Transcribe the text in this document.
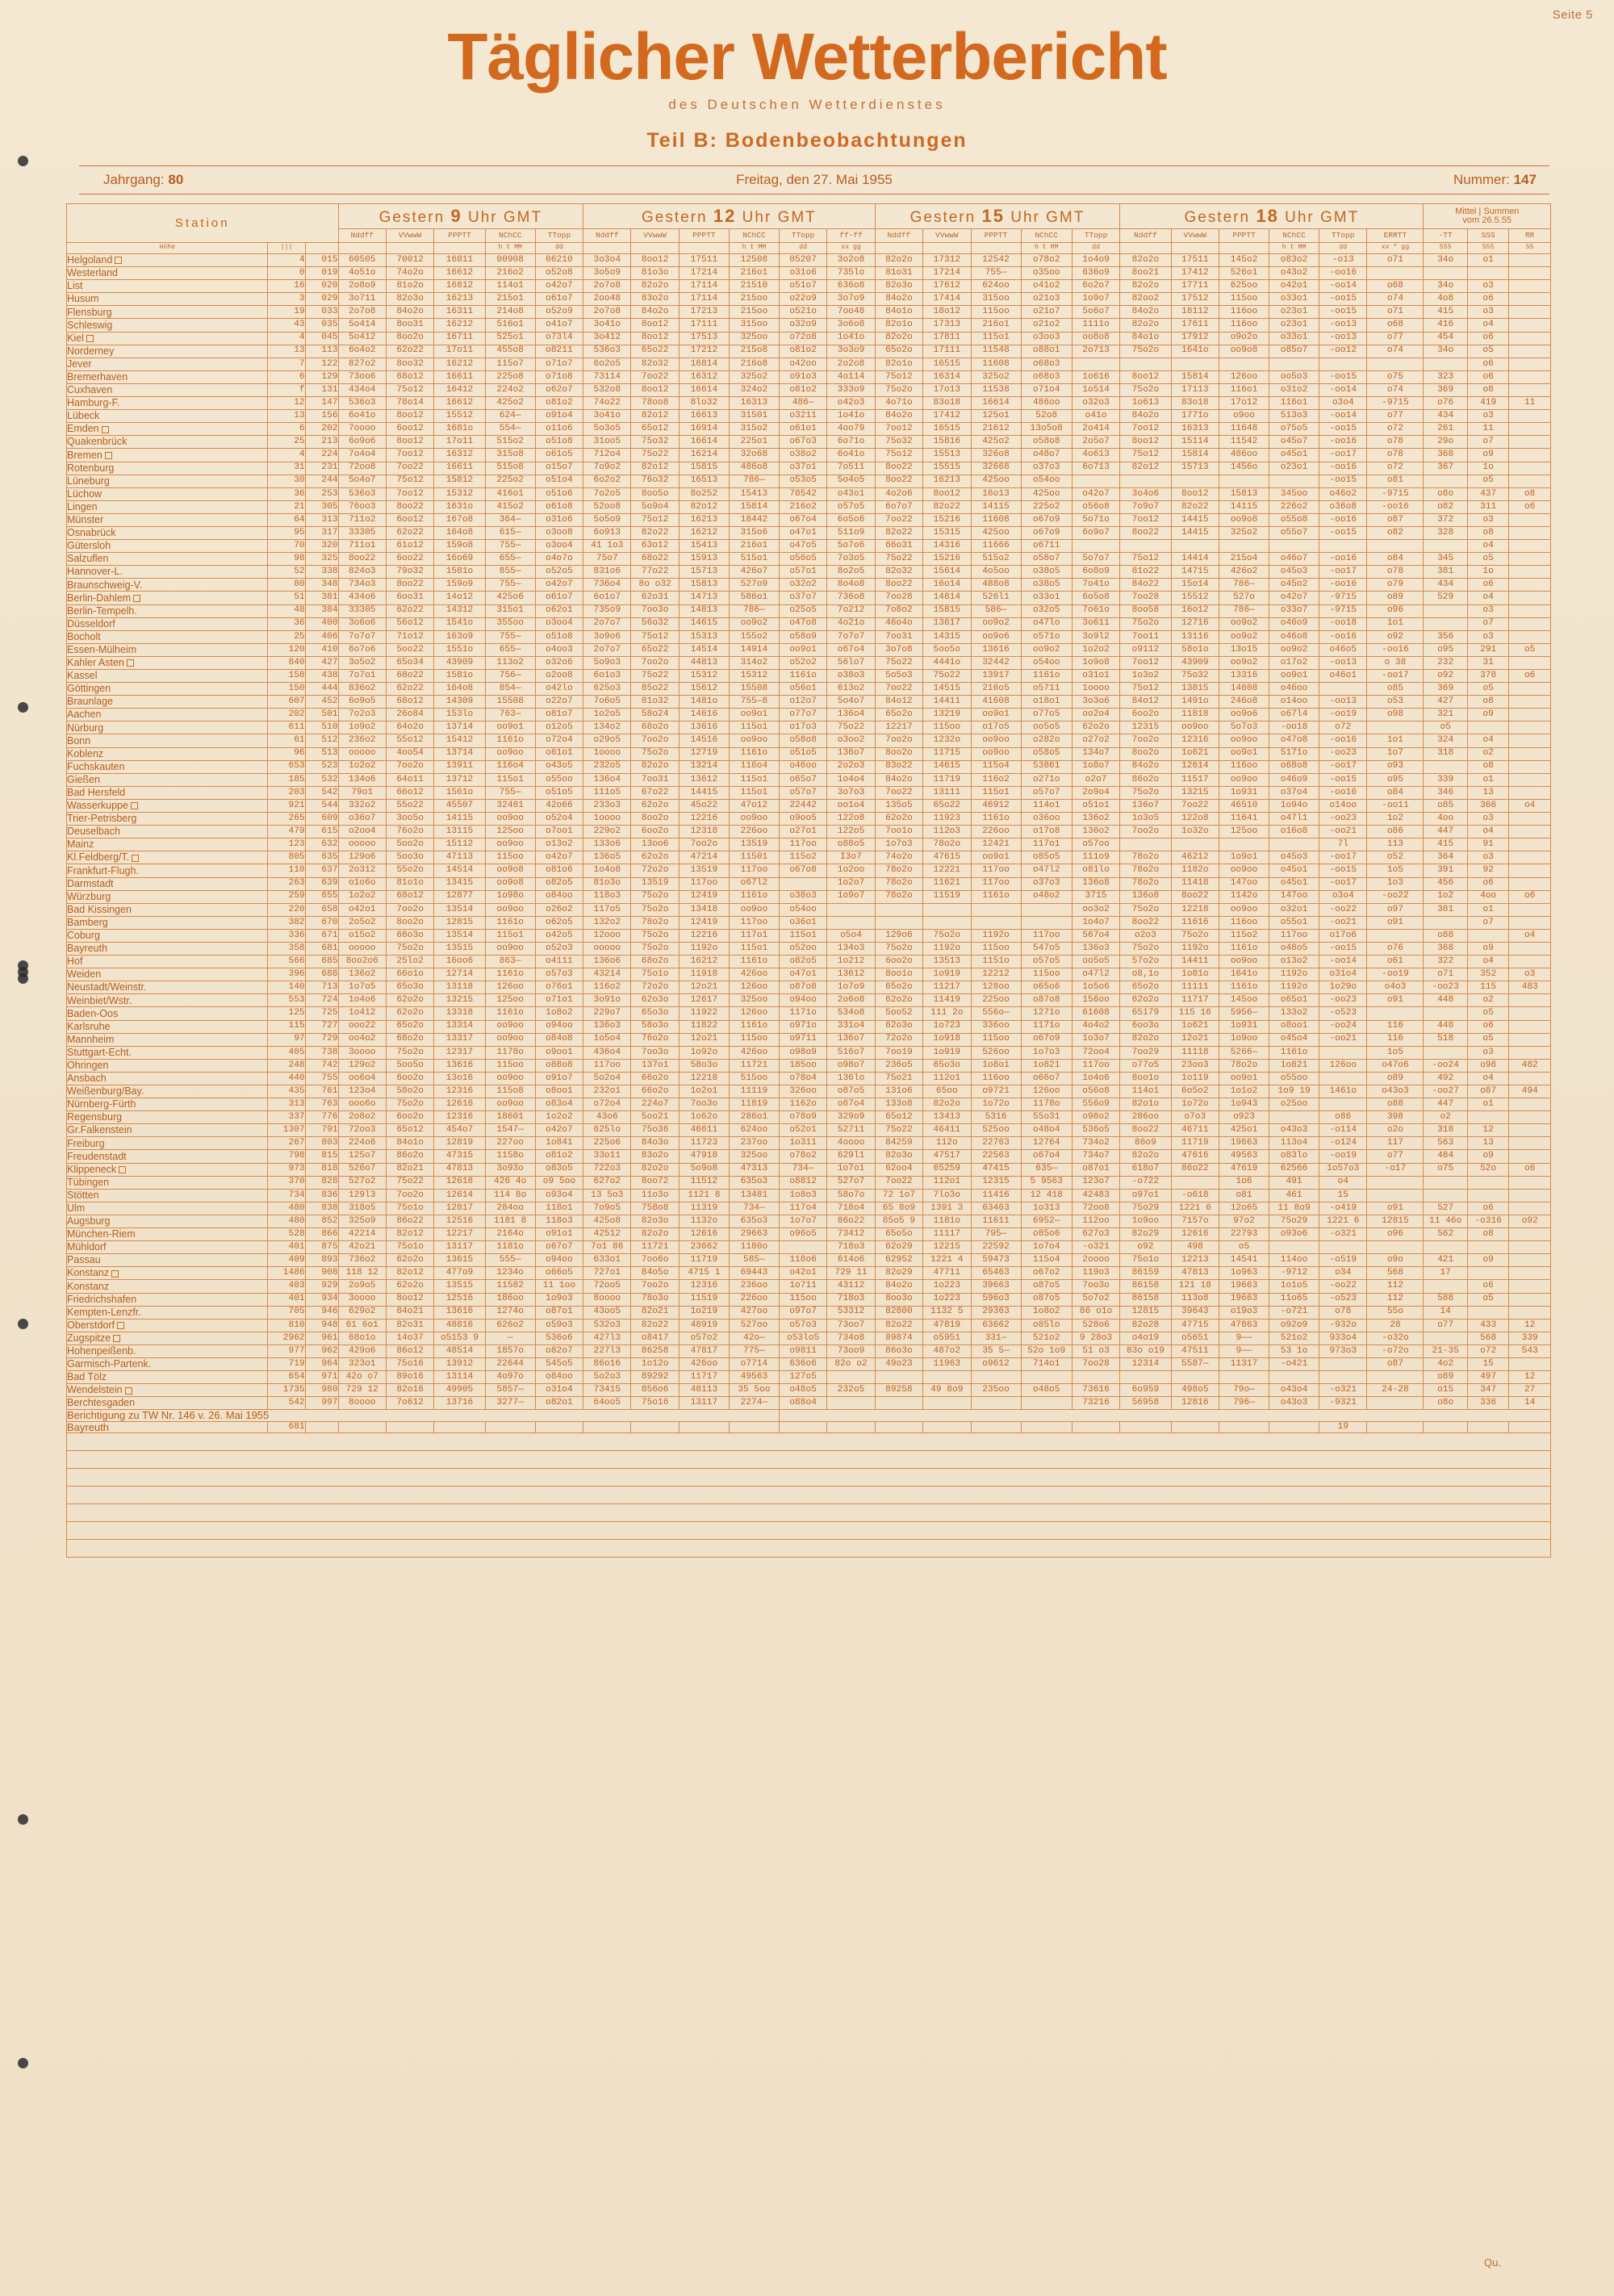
Seite 5
Täglicher Wetterbericht
des Deutschen Wetterdienstes
Teil B: Bodenbeobachtungen
Jahrgang: 80	Freitag, den 27. Mai 1955	Nummer: 147
Station			Gestern 9 Uhr GMT					Gestern 12 Uhr GMT						Gestern 15 Uhr GMT					Gestern 18 Uhr GMT						Mittel | Summen
vom 26.5.55		

			Nddff	VVwwW	PPPTT	NChCC	TTopp	Nddff	VVwwW	PPPTT	NChCC	TTopp	ff-ff	Nddff	VVwwW	PPPTT	NChCC	TTopp	Nddff	VVwwW	PPPTT	NChCC	TTopp	ERRTT	-TT	SSS	RR
Höhe	|||					h t MM	dd				h t MM	dd	xx gg				h t MM	dd				h t MM	dd	xx * gg	555	555	55
Helgoland	4	015	60505	70012	16811	00908	06210	3o3o4	8oo12	17511	12508	05207	3o2o8	82o2o	17312	12542	o78o2	1o4o9	82o2o	17511	145o2	o83o2	-o13	o71	34o	o1	
Westerland	0	019	4o51o	74o2o	16612	216o2	o52o8	3o5o9	81o3o	17214	216o1	o31o6	735lo	81o31	17214	755—	o35oo	636o9	8oo21	17412	526o1	o43o2	-oo16				
List	16	020	2o8o9	81o2o	16812	114o1	o42o7	2o7o8	82o2o	17114	21510	o51o7	636o8	82o3o	17612	624oo	o41o2	6o2o7	82o2o	17711	625oo	o42o1	-oo14	o68	34o	o3	
Husum	3	029	3o711	82o3o	16213	215o1	o61o7	2oo48	83o2o	17114	215oo	o22o9	3o7o9	84o2o	17414	315oo	o21o3	1o9o7	82oo2	17512	115oo	o33o1	-oo15	o74	4o8	o6	
Flensburg	19	033	2o7o8	84o2o	16311	214o8	o52o9	2o7o8	84o2o	17213	215oo	o521o	7oo48	84o1o	18o12	115oo	o21o7	5o6o7	84o2o	18112	116oo	o23o1	-oo15	o71	415	o3	
Schleswig	43	035	5o414	8oo31	16212	516o1	o41o7	3o41o	8oo12	17111	315oo	o32o9	3o6o8	82o1o	17313	216o1	o21o2	1111o	82o2o	17611	116oo	o23o1	-oo13	o68	416	o4	
Kiel	4	045	5o412	8oo2o	16711	525o1	o73l4	3o412	8oo12	17513	325oo	o72o8	1o41o	82o2o	17811	115o1	o3oo3	oo8o8	84o1o	17912	o9o2o	o33o1	-oo13	o77	454	o6	
Norderney	13	113	6o4o2	62o22	17o11	455o8	o8211	536o3	65o22	17212	215o8	o81o2	3o3o9	65o2o	17111	11548	o88o1	2o713	75o2o	1641o	oo9o8	o85o7	-oo12	o74	34o	o5	
Jever	7	122	827o2	8oo32	16212	115o7	o71o7	6o2o5	82o32	16814	216o8	o42oo	2o2o8	82o1o	16515	11608	o68o3									o6	
Bremerhaven	6	129	73oo6	68o12	16611	225o8	o71o8	73114	7oo22	16312	325o2	o91o3	4o114	75o12	16314	325o2	o68o3	1o616	8oo12	15814	126oo	oo5o3	-oo15	o75	323	o6	
Cuxhaven	f	131	434o4	75o12	16412	224o2	o62o7	532o8	8oo12	16614	324o2	o81o2	333o9	75o2o	17o13	11538	o71o4	1o514	75o2o	17113	116o1	o31o2	-oo14	o74	369	o8	
Hamburg-F.	12	147	536o3	78o14	16612	425o2	o81o2	74o22	78oo8	8lo32	16313	486—	o42o3	4o71o	83o18	16614	486oo	o32o3	1o613	83o18	17o12	116o1	o3o4	-9715	o76	419	11
Lübeck	13	156	6o41o	8oo12	15512	624—	o91o4	3o41o	82o12	16613	31501	o3211	1o41o	84o2o	17412	125o1	52o8	o41o	84o2o	1771o	o9oo	513o3	-oo14	o77	434	o3	
Emden	6	202	7oooo	6oo12	1681o	554—	o11o6	5o3o5	65o12	16914	315o2	o61o1	4oo79	7oo12	16515	21612	13o5o8	2o414	7oo12	16313	11648	o75o5	-oo15	o72	261	11	
Quakenbrück	25	213	6o9o6	8oo12	17o11	515o2	o51o8	31oo5	75o32	16614	225o1	o67o3	6o71o	75o32	15816	425o2	o58o8	2o5o7	8oo12	15114	11542	o45o7	-oo16	o78	29o	o7	
Bremen	4	224	7o4o4	7oo12	16312	315o8	o61o5	712o4	75o22	16214	32o68	o38o2	6o41o	75o12	15513	326o8	o48o7	4o613	75o12	15814	486oo	o45o1	-oo17	o78	368	o9	
Rotenburg	31	231	72oo8	7oo22	16611	515o8	o15o7	7o9o2	82o12	15815	486o8	o37o1	7o511	8oo22	15515	32668	o37o3	6o713	82o12	15713	1456o	o23o1	-oo16	o72	367	1o	
Lüneburg	30	244	5o4o7	75o12	15812	225o2	o51o4	6o2o2	76o32	16513	786—	o53o5	5o4o5	8oo22	16213	425oo	o54oo						-oo15	o81		o5	
Lüchow	36	253	536o3	7oo12	15312	416o1	o51o6	7o2o5	8oo5o	8o252	15413	78542	o43o1	4o2o6	8oo12	16o13	425oo	o42o7	3o4o6	8oo12	15813	345oo	o46o2	-9715	o8o	437	o8
Lingen	21	305	76oo3	8oo22	1631o	415o2	o61o8	52oo8	5o9o4	82o12	15814	216o2	o57o5	6o7o7	82o22	14115	225o2	o56o8	7o9o7	82o22	14115	226o2	o36o8	-oo16	o82	311	o6
Münster	64	313	711o2	6oo12	167o8	364—	o31o6	5o5o9	75o12	16213	18442	o67o4	6o5o6	7oo22	15216	11608	o67o9	5o71o	7oo12	14415	oo9o8	o55o8	-oo16	o87	372	o3	
Osnabrück	95	317	33305	62o22	164o8	615—	o3oo8	6o913	82o22	16212	315o6	o47o1	511o9	82o22	15315	425oo	o67o9	6o9o7	8oo22	14415	325o2	o55o7	-oo15	o82	328	o8	
Gütersloh	70	320	711o1	61o12	159o8	755—	o3oo4	41 1o3	63o12	15413	216o1	o47o5	5o7o6	66o31	14316	11666	o6711									o4	
Salzuflen	98	325	8oo22	6oo22	16o69	655—	o4o7o	75o7	68o22	15913	515o1	o56o5	7o3o5	75o22	15216	515o2	o58o7	5o7o7	75o12	14414	215o4	o46o7	-oo16	o84	345	o5	
Hannover-L.	52	338	824o3	79o32	1581o	855—	o52o5	831o6	77o22	15713	426o7	o57o1	8o2o5	82o32	15614	4o5oo	o38o5	6o8o9	81o22	14715	426o2	o45o3	-oo17	o78	381	1o	
Braunschweig-V.	80	348	734o3	8oo22	159o9	755—	o42o7	736o4	8o o32	15813	527o9	o32o2	8o4o8	8oo22	16o14	488o8	o38o5	7o41o	84o22	15o14	786—	o45o2	-oo16	o79	434	o6	
Berlin-Dahlem	51	381	434o6	6oo31	14o12	425o6	o61o7	6o1o7	62o31	14713	586o1	o37o7	736o8	7oo28	14814	526l1	o33o1	6o5o8	7oo28	15512	527o	o42o7	-9715	o89	529	o4	
Berlin-Tempelh.	48	384	33305	62o22	14312	315o1	o62o1	735o9	7oo3o	14813	786—	o25o5	7o212	7o8o2	15815	586—	o32o5	7o61o	8oo58	16o12	786—	o33o7	-9715	o96		o3	
Düsseldorf	36	400	3o6o6	56o12	1541o	355oo	o3oo4	2o7o7	56o32	14615	oo9o2	o47o8	4o21o	46o4o	13617	oo9o2	o47lo	3o611	75o2o	12716	oo9o2	o46o9	-oo18	1o1		o7	
Bocholt	25	406	7o7o7	71o12	163o9	755—	o51o8	3o9o6	75o12	15313	155o2	o58o9	7o7o7	7oo31	14315	oo9o6	o571o	3o9l2	7oo11	13116	oo9o2	o46o8	-oo16	o92	356	o3	
Essen-Mülheim	120	410	6o7o6	5oo22	1551o	655—	o4oo3	2o7o7	65o22	14514	14914	oo9o1	o67o4	3o7o8	5oo5o	13616	oo9o2	1o2o2	o9112	58o1o	13o15	oo9o2	o46o5	-oo16	o95	291	o5
Kahler Asten	840	427	3o5o2	65o34	43909	113o2	o32o6	5o9o3	7oo2o	44813	314o2	o52o2	56lo7	75o22	4441o	32442	o54oo	1o9o8	7oo12	43909	oo9o2	o17o2	-oo13	o 38	232	31	
Kassel	158	438	7o7o1	68o22	1581o	756—	o2oo8	6o1o3	75o22	15312	15312	1161o	o38o3	5o5o3	75o22	13917	1161o	o31o1	1o3o2	75o32	13316	oo9o1	o46o1	-oo17	o92	378	o6
Göttingen	150	444	836o2	62o22	164o8	854—	o42lo	625o3	85o22	15612	15508	o56o1	613o2	7oo22	14515	216o5	o5711	1oooo	75o12	13815	14608	o46oo		o85	369	o5	
Braunlage	607	452	6o9o5	68o12	14309	15508	o22o7	7o6o5	81o32	1481o	755—8	o12o7	5o4o7	84o12	14411	41608	o18o1	3o3o6	84o12	1491o	246o8	o14oo	-oo13	o53	427	o8	
Aachen	202	501	7o2o3	26o84	153lo	763—	o81o7	1o2o5	58o24	14616	oo9o1	o77o7	136o4	65o2o	13219	oo9o1	o77o5	oo2o4	6oo2o	11818	oo9o6	o67l4	-oo19	o98	321	o9	
Nürburg	611	510	1o9o2	64o2o	13714	oo9o1	o12o5	134o2	68o2o	13616	115o1	o17o3	75o22	12217	115oo	o17o5	oo5o5	62o2o	12315	oo9oo	5o7o3	-oo18	o72		o5		
Bonn	61	512	236o2	55o12	15412	1161o	o72o4	o29o5	7oo2o	14516	oo9oo	o58o8	o3oo2	7oo2o	1232o	oo9oo	o282o	o27o2	7oo2o	12316	oo9oo	o47o8	-oo16	1o1	324	o4	
Koblenz	96	513	ooooo	4oo54	13714	oo9oo	o61o1	1oooo	75o2o	12719	1161o	o51o5	136o7	8oo2o	11715	oo9oo	o58o5	134o7	8oo2o	1o621	oo9o1	5171o	-oo23	1o7	318	o2	
Fuchskauten	653	523	1o2o2	7oo2o	13911	116o4	o43o5	232o5	82o2o	13214	116o4	o46oo	2o2o3	83o22	14615	115o4	53861	1o8o7	84o2o	12614	116oo	o68o8	-oo17	o93		o8	
Gießen	185	532	134o6	64o11	13712	115o1	o55oo	136o4	7oo31	13612	115o1	o65o7	1o4o4	84o2o	11719	116o2	o271o	o2o7	86o2o	11517	oo9oo	o46o9	-oo15	o95	339	o1	
Bad Hersfeld	203	542	79o1	66o12	1561o	755—	o51o5	111o5	67o22	14415	115o1	o57o7	3o7o3	7oo22	13111	115o1	o57o7	2o9o4	75o2o	13215	1o931	o37o4	-oo16	o84	346	13	
Wasserkuppe	921	544	332o2	55o22	45507	32481	42o66	233o3	62o2o	45o22	47o12	22442	oo1o4	135o5	65o22	46912	114o1	o51o1	136o7	7oo22	46510	1o94o	o14oo	-oo11	o85	366	o4
Trier-Petrisberg	265	609	o36o7	3oo5o	14115	oo9oo	o52o4	1oooo	8oo2o	12216	oo9oo	o9oo5	122o8	62o2o	11923	1161o	o36oo	136o2	1o3o5	122o8	11641	o47l1	-oo23	1o2	4oo	o3	
Deuselbach	479	615	o2oo4	76o2o	13115	125oo	o7oo1	229o2	6oo2o	12318	226oo	o27o1	122o5	7oo1o	112o3	226oo	o17o8	136o2	7oo2o	1o32o	125oo	o16o8	-oo21	o86	447	o4	
Mainz	123	632	ooooo	5oo2o	15112	oo9oo	o13o2	133o6	13oo6	7oo2o	13519	117oo	o88o5	1o7o3	78o2o	12421	117o1	o57oo					7l	113	415	91	
Kl.Feldberg/T.	805	635	129o6	5oo3o	47113	115oo	o42o7	136o5	62o2o	47214	11501	115o2	I3o7	74o2o	47615	oo9o1	o85o5	111o9	78o2o	46212	1o9o1	o45o3	-oo17	o52	364	o3	
Frankfurt-Flugh.	110	637	2o312	55o2o	14514	oo9o8	o81o6	1o4o8	72o2o	13519	117oo	o67o8	1o2oo	78o2o	12221	117oo	o47l2	o81lo	78o2o	1182o	oo9oo	o45o1	-oo15	1o5	391	92	
Darmstadt	263	639	o1o6o	81o1o	13415	oo9o8	o82o5	81o3o	13519	117oo	o67l2		1o2o7	78o2o	11621	117oo	o37o3	136o8	78o2o	11418	147oo	o45o1	-oo17	1o3	456	o6	
Würzburg	259	655	1o2o2	68o12	12877	1o98o	o84oo	118o3	75o2o	12419	1161o	o38o3	1o9o7	78o2o	11519	1161o	o48o2	3715	136o8	8oo22	1142o	147oo	o3o4	-oo22	1o2	4oo	o6
Bad Kissingen	220	658	o42o1	7oo2o	13514	oo9oo	o26o2	117o5	75o2o	13418	oo9oo	o54oo						oo3o2	75o2o	12218	oo9oo	o32o1	-oo22	o97	381	o1	
Bamberg	382	670	2o5o2	8oo2o	12815	1161o	o62o5	132o2	78o2o	12419	117oo	o36o1						1o4o7	8oo22	11616	116oo	o55o1	-oo21	o91		o7	
Coburg	336	671	o15o2	68o3o	13514	115o1	o42o5	12ooo	75o2o	12216	117o1	115o1	o5o4	129o6	75o2o	1192o	117oo	567o4	o2o3	75o2o	115o2	117oo	o17o6		o88		o4
Bayreuth	358	681	ooooo	75o2o	13515	oo9oo	o52o3	ooooo	75o2o	1192o	115o1	o52oo	134o3	75o2o	1192o	115oo	547o5	136o3	75o2o	1192o	1161o	o48o5	-oo15	o76	368	o9	
Hof	566	685	8oo2o6	25lo2	16oo6	863—	o4111	136o6	68o2o	16212	1161o	o82o5	1o212	6oo2o	13513	1151o	o57o5	oo5o5	57o2o	14411	oo9oo	o13o2	-oo14	o61	322	o4	
Weiden	396	688	136o2	66o1o	12714	1161o	o57o3	43214	75o1o	11918	426oo	o47o1	13612	8oo1o	1o919	12212	115oo	o47l2	o8,1o	1o81o	1641o	1192o	o31o4	-oo19	o71	352	o3
Neustadt/Weinstr.	140	713	1o7o5	65o3o	13118	126oo	o76o1	116o2	72o2o	12o21	126oo	o87o8	1o7o9	65o2o	11217	128oo	o65o6	1o5o6	65o2o	11111	1161o	1192o	1o29o	o4o3	-oo23	115	483
Weinbiet/Wstr.	553	724	1o4o6	62o2o	13215	125oo	o71o1	3o91o	62o3o	12617	325oo	o94oo	2o6o8	62o2o	11419	225oo	o87o8	156oo	62o2o	11717	145oo	o65o1	-oo23	o91	448	o2	
Baden-Oos	125	725	1o412	62o2o	13318	1161o	1o8o2	229o7	65o3o	11922	126oo	1171o	534o8	5oo52	111 2o	556o—	1271o	61608	65179	115 16	5956—	133o2	-o523			o5	
Karlsruhe	115	727	ooo22	65o2o	13314	oo9oo	o94oo	136o3	58o3o	11822	1161o	o971o	331o4	62o3o	1o723	336oo	1171o	4o4o2	6oo3o	1o621	1o931	o8oo1	-oo24	116	448	o6	
Mannheim	97	729	oo4o2	68o2o	13317	oo9oo	o84o8	1o5o4	76o2o	12o21	115oo	o9711	136o7	72o2o	1o918	115oo	o67o9	1o3o7	82o2o	12o21	1o9oo	o45o4	-oo21	116	518	o5	
Stuttgart-Echt.	405	738	3oooo	75o2o	12317	1178o	o9oo1	436o4	7oo3o	1o92o	426oo	o98o9	516o7	7oo19	1o919	526oo	1o7o3	72oo4	7oo29	11118	5266—	1161o		1o5		o3	
Ohringen	248	742	129o2	5oo5o	13616	115oo	o88o8	117oo	137o1	58o3o	11721	185oo	o98o7	236o5	65o3o	1o8o1	1o821	117oo	o77o5	23oo3	78o2o	1o821	126oo	o47o6	-oo24	o98	482
Ansbach	440	755	oo6o4	6oo2o	13o16	oo9oo	o91o7	5o2o4	66o2o	12218	515oo	o78o4	136lo	75o21	112o1	116oo	o66o7	1o4o6	8oo1o	1o119	oo9o1	o55oo		o89	492	o4	
Weißenburg/Bay.	435	761	123o4	58o2o	12316	115o8	o8oo1	232o1	66o2o	1o2o1	11119	326oo	o87o5	131o6	65oo	o9721	126oo	o56o8	114o1	6o5o2	1o1o2	1o9 19	1461o	o43o3	-oo27	o87	494
Nürnberg-Fürth	313	763	ooo6o	75o2o	12616	oo9oo	o83o4	o72o4	224o7	7oo3o	11819	1162o	o67o4	133o8	82o2o	1o72o	1178o	556o9	82o1o	1o72o	1o943	o25oo		o88	447	o1	
Regensburg	337	776	2o8o2	6oo2o	12316	18601	1o2o2	43o6	5oo21	1o62o	286o1	o78o9	329o9	65o12	13413	5316	55o31	o98o2	286oo	o7o3	o923		o86	398	o2		
Gr.Falkenstein	1307	791	72oo3	65o12	454o7	1547—	o42o7	625lo	75o36	46611	624oo	o52o1	52711	75o22	46411	525oo	o48o4	536o5	8oo22	46711	425o1	o43o3	-o114	o2o	318	12	
Freiburg	267	803	224o6	84o1o	12819	227oo	1o841	225o6	84o3o	11723	237oo	1o311	4oooo	84259	112o	22763	12764	734o2	86o9	11719	19663	113o4	-o124	117	563	13	
Freudenstadt	798	815	125o7	86o2o	47315	1158o	o81o2	33o11	83o2o	47918	325oo	o78o2	629l1	82o3o	47517	22563	o67o4	734o7	82o2o	47616	49563	o83lo	-oo19	o77	484	o9	
Klippeneck	973	818	526o7	82o21	47813	3o93o	o83o5	722o3	82o2o	5o9o8	47313	734—	1o7o1	62oo4	65259	47415	635—	o87o1	618o7	86o22	47619	62566	1o57o3	-o17	o75	52o	o6
Tübingen	370	828	527o2	75o22	12618	426 4o	o9 5oo	627o2	8oo72	11512	635o3	o8812	527o7	7oo22	112o1	12315	5 9563	123o7	-o722		1o6	491	o4				
Stötten	734	836	129l3	7oo2o	12614	114 8o	o93o4	13 5o3	11o3o	1121 8	13481	1o8o3	58o7o	72 1o7	7lo3o	11416	12 418	42483	o97o1	-o618	o81	461	15				
Ulm	480	838	318o5	75o1o	12817	284oo	118o1	7o9o5	758o8	11319	734—	117o4	718o4	65 8o9	1391 3	63463	1o313	72oo8	75o29	1221 6	12o65	11 8o9	-o419	o91	527	o6	
Augsburg	480	852	325o9	86o22	12516	1181 8	118o3	425o8	82o3o	1132o	635o3	1o7o7	86o22	85o5 9	1181o	11611	6952—	112oo	1o9oo	7157o	97o2	75o29	1221 6	12815	11 46o	-o316	o92
München-Riem	528	866	42214	82o12	12217	2164o	o91o1	42512	82o2o	12616	29663	o96o5	73412	65o5o	11117	795—	o85o6	627o3	82o29	12616	22793	o93o6	-o321	o96	562	o8	
Mühldorf	401	875	42o21	75o1o	13117	1181o	o67o7	7o1 86	11721	23662	1180o		718o3	62o29	12215	22592	1o7o4	-o321	o92	498	o5						
Passau	409	893	736o2	62o2o	13615	555—	o94oo	633o1	7oo6o	11719	585—	118o6	614o6	62952	1221 4	59473	115o4	2oooo	75o1o	12213	14541	114oo	-o519	o9o	421	o9	
Konstanz	1486	908	118 12	82o12	477o9	1234o	o66o5	727o1	84o5o	4715 1	69443	o42o1	729 11	82o29	47711	65463	o67o2	119o3	86159	47813	1o963	-9712	o34	568	17		
Konstanz	403	929	2o9o5	62o2o	13515	11582	11 1oo	72oo5	7oo2o	12316	236oo	1o711	43112	84o2o	1o223	39663	o87o5	7oo3o	86158	121 18	19663	1o1o5	-oo22	112		o6	
Friedrichshafen	401	934	3oooo	8oo12	12516	186oo	1o9o3	8oooo	78o3o	11519	226oo	115oo	718o3	8oo3o	1o223	596o3	o87o5	5o7o2	86158	113o8	19663	11o65	-o523	112	588	o5	
Kempten-Lenzfr.	705	946	629o2	84o21	13616	1274o	o87o1	43oo5	82o21	1o219	427oo	o97o7	53312	82800	1132 5	29363	1o8o2	86 o1o	12815	39643	o19o3	-o721	o78	55o	14		
Oberstdorf	810	948	61 6o1	82o31	48816	626o2	o59o3	532o3	82o22	48919	527oo	o57o3	73oo7	82o22	47819	63662	o85lo	528o6	82o28	47715	47863	o92o9	-932o	28	o77	433	12
Zugspitze	2962	961	68o1o	14o37	o5153 9	—	536o6	427l3	o8417	o57o2	42o—	o53lo5	734o8	89874	o5951	331—	521o2	9 28o3	o4o19	o5651	9——	521o2	933o4	-o32o		568	339
Hohenpeißenb.	977	962	429o6	86o12	48514	1857o	o82o7	227l3	86258	47817	775—	o9811	73oo9	86o3o	487o2	35 5—	52o 1o9	51 o3	83o o19	47511	9——	53 1o	973o3	-o72o	21-35	o72	543
Garmisch-Partenk.	719	964	323o1	75o16	13912	22644	545o5	86o16	1o12o	426oo	o7714	636o6	82o o2	49o23	11963	o9612	714o1	7oo28	12314	5587—	11317	-o421		o87	4o2	15	
Bad Tölz	654	971	42o o7	89o16	13114	4o97o	o84oo	5o2o3	89292	11717	49563	127o5													o89	497	12
Wendelstein	1735	980	729 12	82o16	49905	5857—	o31o4	73415	856o6	48113	35 5oo	o48o5	232o5	89258	49 8o9	235oo	o48o5	73616	6o959	498o5	79o—	o43o4	-o321	24-28	o15	347	27
Berchtesgaden	542	997	8oooo	7o612	13716	3277—	o82o1	64oo5	75o16	13117	2274—	o88o4						73216	56958	12816	796—	o43o3	-9321		o8o	336	14
Berichtigung zu TW Nr. 146 v. 26. Mai 1955																											
Bayreuth	681																						19				

Qu.
